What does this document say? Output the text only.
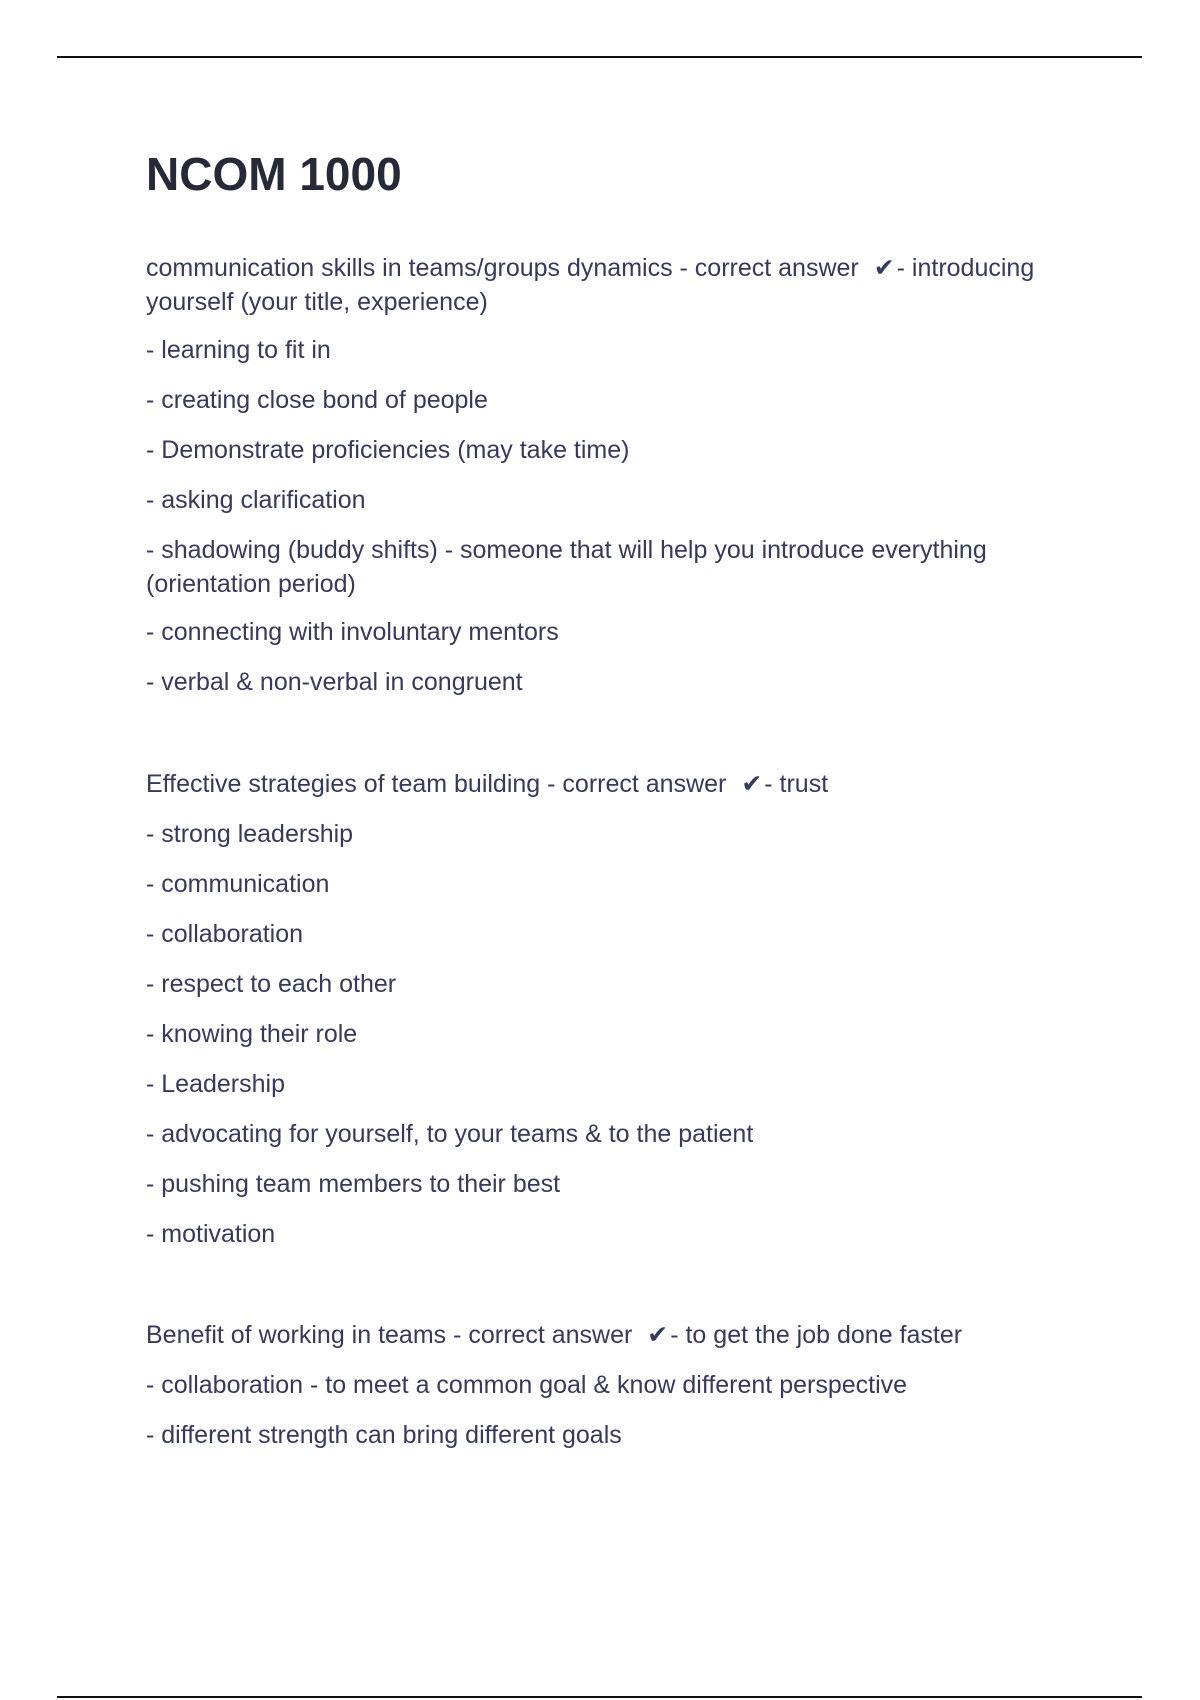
NCOM 1000

communication skills in teams/groups dynamics - correct answer ✔- introducing yourself (your title, experience)

- learning to fit in

- creating close bond of people

- Demonstrate proficiencies (may take time)

- asking clarification

- shadowing (buddy shifts) - someone that will help you introduce everything (orientation period)

- connecting with involuntary mentors

- verbal & non-verbal in congruent

Effective strategies of team building - correct answer ✔- trust

- strong leadership

- communication

- collaboration

- respect to each other

- knowing their role

- Leadership

- advocating for yourself, to your teams & to the patient

- pushing team members to their best

- motivation

Benefit of working in teams - correct answer ✔- to get the job done faster

- collaboration - to meet a common goal & know different perspective

- different strength can bring different goals
